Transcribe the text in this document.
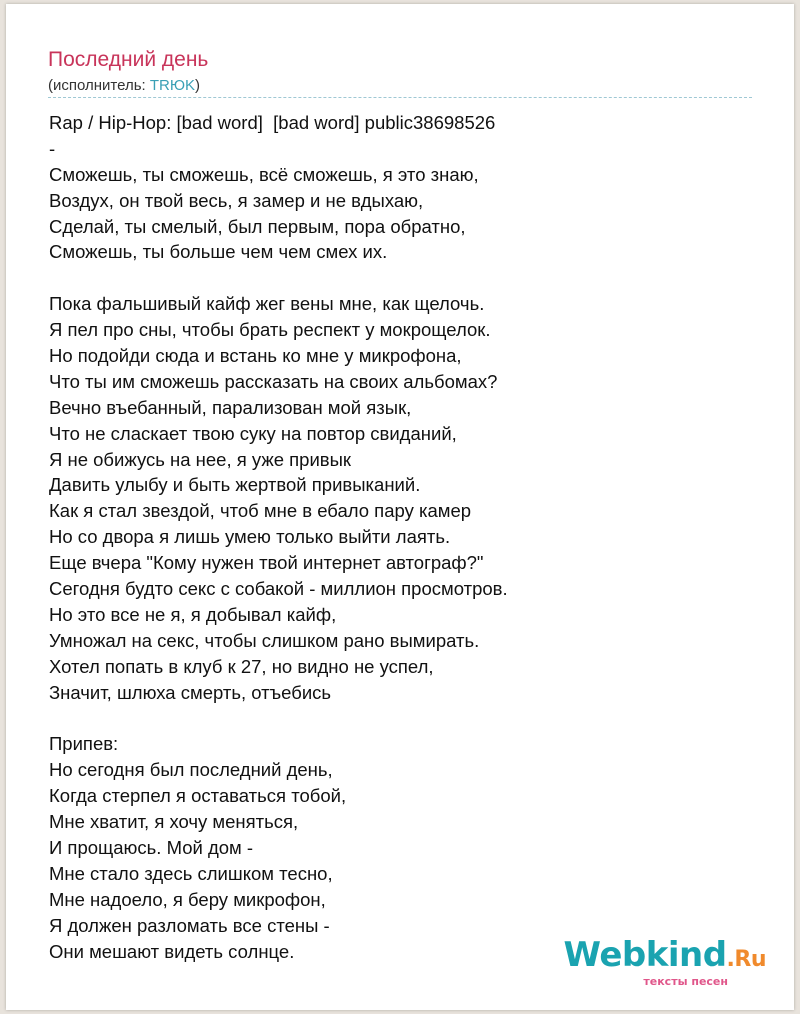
Последний день
(исполнитель: TRЮK)
Rap / Hip-Hop: [bad word]  [bad word] public38698526
-
Сможешь, ты сможешь, всё сможешь, я это знаю,
Воздух, он твой весь, я замер и не вдыхаю,
Сделай, ты смелый, был первым, пора обратно,
Сможешь, ты больше чем чем смех их.
Пока фальшивый кайф жег вены мне, как щелочь.
Я пел про сны, чтобы брать респект у мокрощелок.
Но подойди сюда и встань ко мне у микрофона,
Что ты им сможешь рассказать на своих альбомах?
Вечно въебанный, парализован мой язык,
Что не сласкает твою суку на повтор свиданий,
Я не обижусь на нее, я уже привык
Давить улыбу и быть жертвой привыканий.
Как я стал звездой, чтоб мне в ебало пару камер
Но со двора я лишь умею только выйти лаять.
Еще вчера "Кому нужен твой интернет автограф?"
Сегодня будто секс с собакой - миллион просмотров.
Но это все не я, я добывал кайф,
Умножал на секс, чтобы слишком рано вымирать.
Хотел попать в клуб к 27, но видно не успел,
Значит, шлюха смерть, отъебись
Припев:
Но сегодня был последний день,
Когда стерпел я оставаться тобой,
Мне хватит, я хочу меняться,
И прощаюсь. Мой дом -
Мне стало здесь слишком тесно,
Мне надоело, я беру микрофон,
Я должен разломать все стены -
Они мешают видеть солнце.	Webkind.Ru
тексты песен
